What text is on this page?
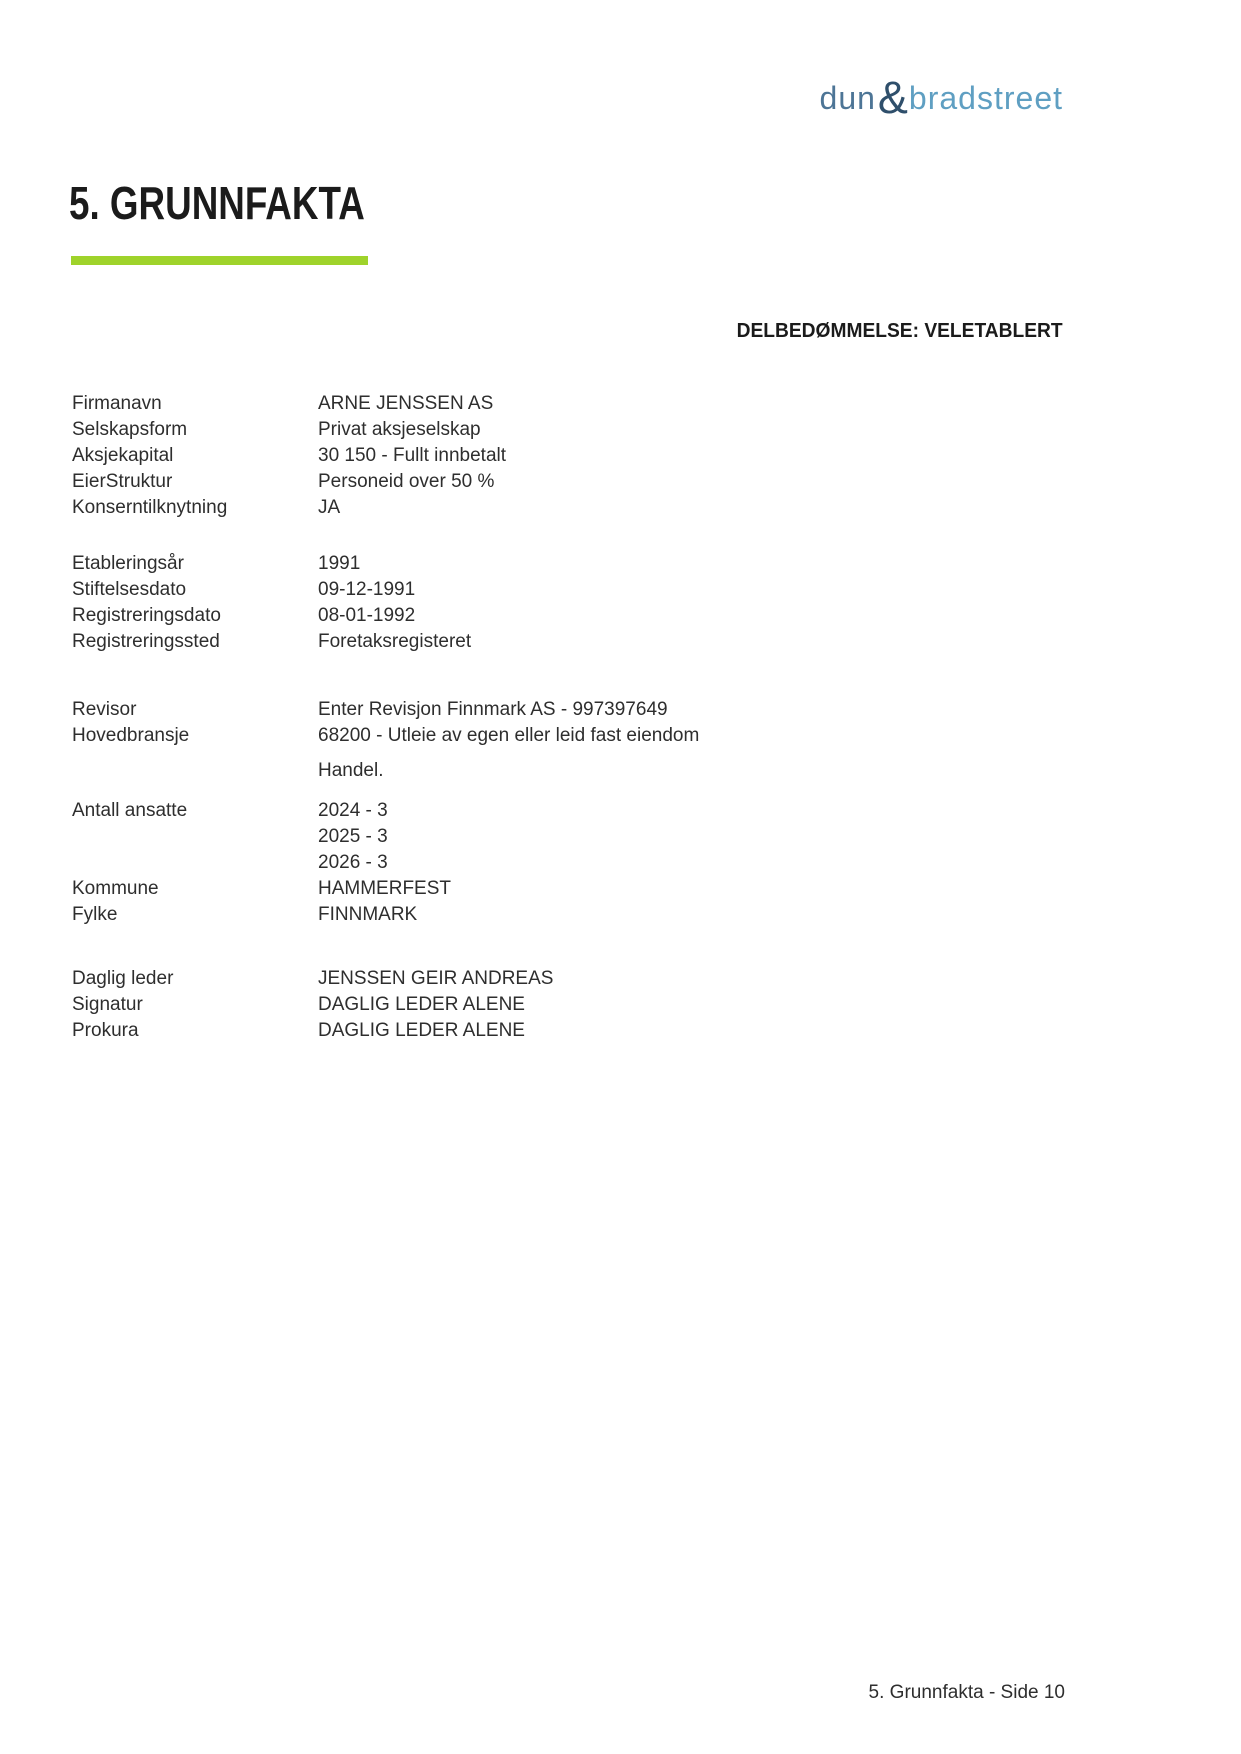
dun & bradstreet
5. GRUNNFAKTA
DELBEDØMMELSE: VELETABLERT
Firmanavn	ARNE JENSSEN AS
Selskapsform	Privat aksjeselskap
Aksjekapital	30 150 - Fullt innbetalt
EierStruktur	Personeid over 50 %
Konserntilknytning	JA
Etableringsår	1991
Stiftelsesdato	09-12-1991
Registreringsdato	08-01-1992
Registreringssted	Foretaksregisteret
Revisor	Enter Revisjon Finnmark AS - 997397649
Hovedbransje	68200 - Utleie av egen eller leid fast eiendom
Handel.
Antall ansatte	2024 - 3
2025 - 3
2026 - 3
Kommune	HAMMERFEST
Fylke	FINNMARK
Daglig leder	JENSSEN GEIR ANDREAS
Signatur	DAGLIG LEDER ALENE
Prokura	DAGLIG LEDER ALENE
5. Grunnfakta - Side 10
